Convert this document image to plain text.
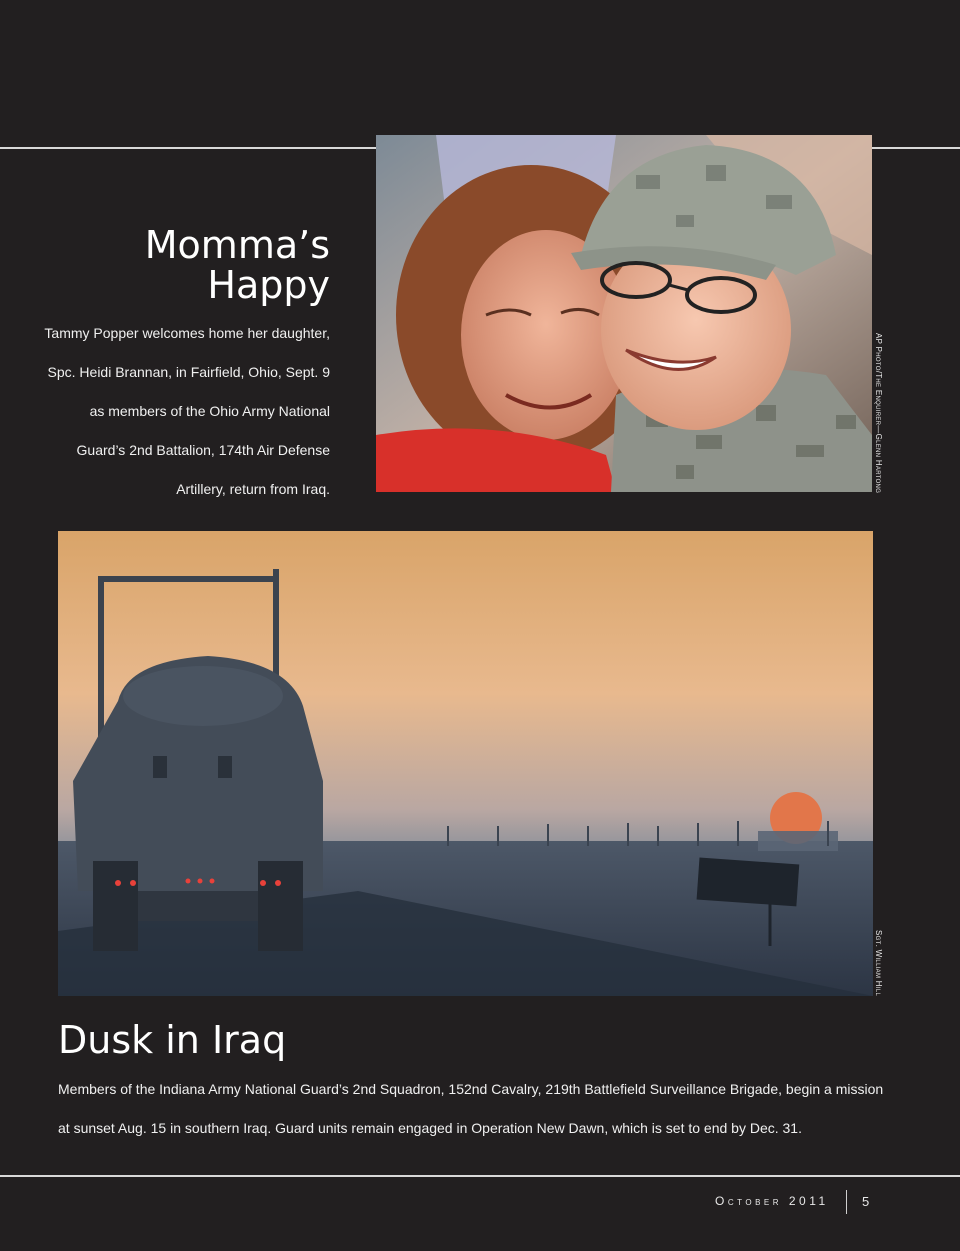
AP Photo/The Enquirer—Glenn Hartong
Momma’s
Happy

Tammy Popper welcomes home her daughter, Spc. Heidi Brannan, in Fairfield, Ohio, Sept. 9 as members of the Ohio Army National Guard’s 2nd Battalion, 174th Air Defense Artillery, return from Iraq.

Sgt. William Hill
Dusk in Iraq

Members of the Indiana Army National Guard’s 2nd Squadron, 152nd Cavalry, 219th Battlefield Surveillance Brigade, begin a mission at sunset Aug. 15 in southern Iraq. Guard units remain engaged in Operation New Dawn, which is set to end by Dec. 31.

October 2011	5
